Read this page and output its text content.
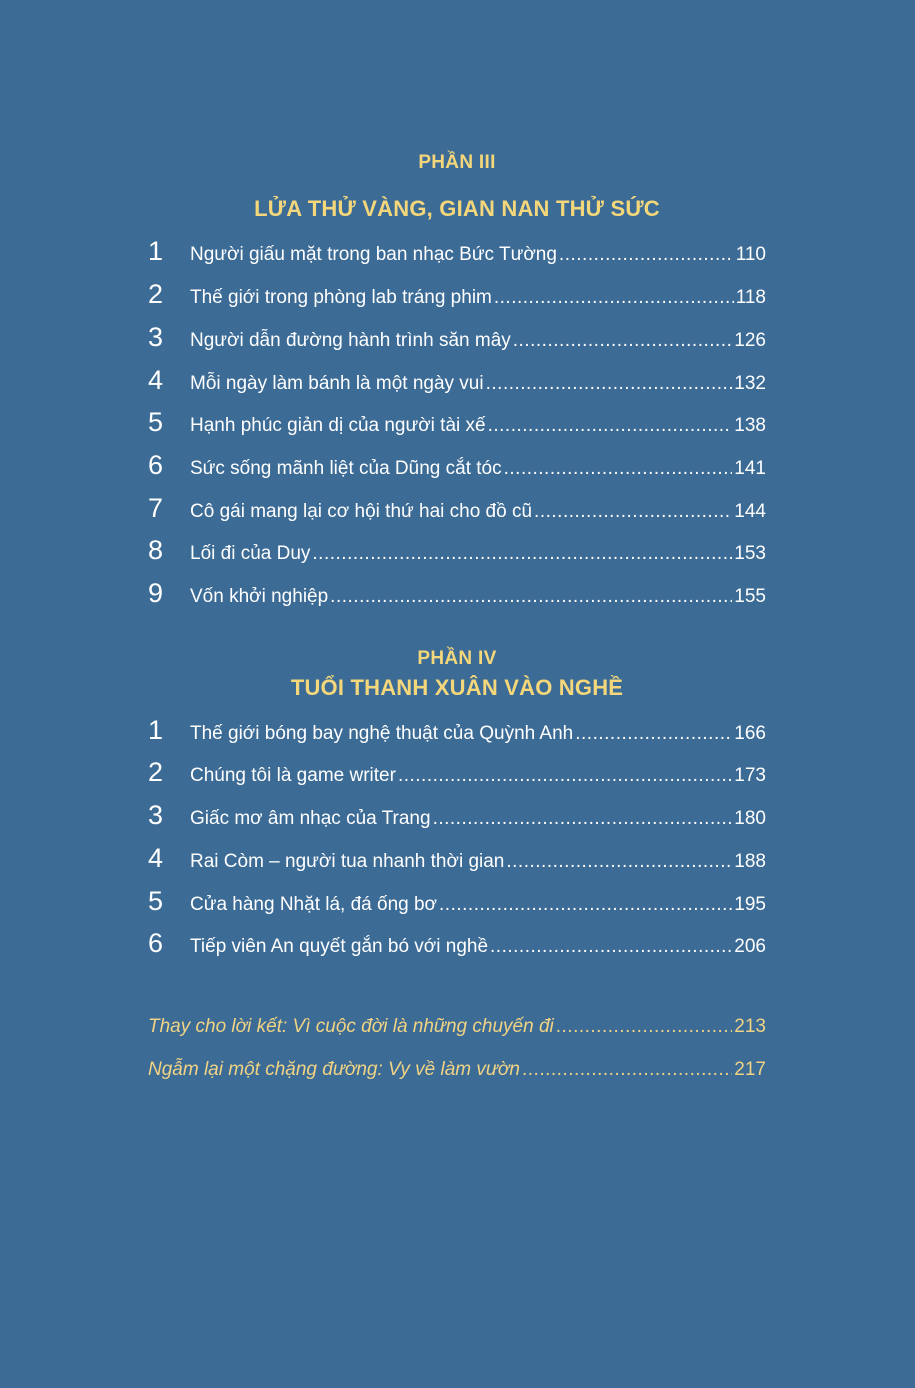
PHẦN III
LỬA THỬ VÀNG, GIAN NAN THỬ SỨC
1	Người giấu mặt trong ban nhạc Bức Tường .....	110
2	Thế giới trong phòng lab tráng phim .....	118
3	Người dẫn đường hành trình săn mây .....	126
4	Mỗi ngày làm bánh là một ngày vui .....	132
5	Hạnh phúc giản dị của người tài xế .....	138
6	Sức sống mãnh liệt của Dũng cắt tóc .....	141
7	Cô gái mang lại cơ hội thứ hai cho đồ cũ .....	144
8	Lối đi của Duy .....	153
9	Vốn khởi nghiệp .....	155
PHẦN IV
TUỔI THANH XUÂN VÀO NGHỀ
1	Thế giới bóng bay nghệ thuật của Quỳnh Anh .....	166
2	Chúng tôi là game writer .....	173
3	Giấc mơ âm nhạc của Trang .....	180
4	Rai Còm – người tua nhanh thời gian .....	188
5	Cửa hàng Nhặt lá, đá ống bơ .....	195
6	Tiếp viên An quyết gắn bó với nghề .....	206
Thay cho lời kết: Vì cuộc đời là những chuyến đi .....	213
Ngẫm lại một chặng đường: Vy về làm vườn .....	217
